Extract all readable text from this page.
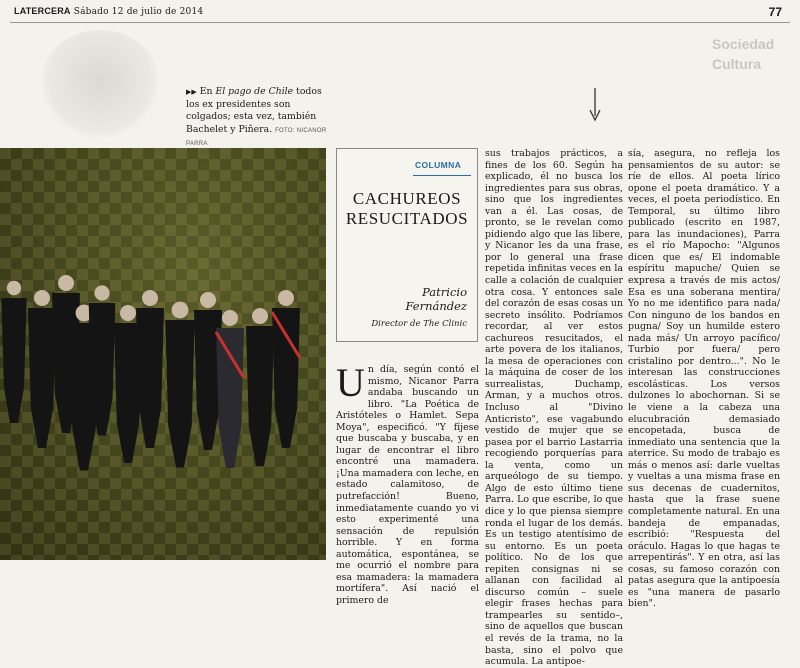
LATERCERA Sábado 12 de julio de 2014	77
Sociedad
Cultura
▶▶ En El pago de Chile todos los ex presidentes son colgados; esta vez, también Bachelet y Piñera. FOTO: NICANOR PARRA
COLUMNA
CACHUREOS
RESUCITADOS
Patricio
Fernández
Director de The Clinic

Un día, según contó el mismo, Nicanor Parra andaba buscando un libro. "La Poética de Aristóteles o Hamlet. Sepa Moya", especificó. "Y fíjese que buscaba y buscaba, y en lugar de encontrar el libro encontré una mamadera. ¡Una mamadera con leche, en estado calamitoso, de putrefacción! Bueno, inmediatamente cuando yo vi esto experimenté una sensación de repulsión horrible. Y en forma automática, espontánea, se me ocurrió el nombre para esa mamadera: la mamadera mortífera". Así nació el primero de

sus trabajos prácticos, a fines de los 60. Según ha explicado, él no busca los ingredientes para sus obras, sino que los ingredientes van a él. Las cosas, de pronto, se le revelan como pidiendo algo que las libere, y Nicanor les da una frase, por lo general una frase repetida infinitas veces en la calle a colación de cualquier otra cosa. Y entonces sale del corazón de esas cosas un secreto insólito. Podríamos recordar, al ver estos cachureos resucitados, el arte povera de los italianos, la mesa de operaciones con la máquina de coser de los surrealistas, Duchamp, Arman, y a muchos otros. Incluso al "Divino Anticristo", ese vagabundo vestido de mujer que se pasea por el barrio Lastarria recogiendo porquerías para la venta, como un arqueólogo de su tiempo. Algo de esto último tiene Parra. Lo que escribe, lo que dice y lo que piensa siempre ronda el lugar de los demás. Es un testigo atentísimo de su entorno. Es un poeta político. No de los que repiten consignas ni se allanan con facilidad al discurso común – suele elegir frases hechas para trampearles su sentido–, sino de aquellos que buscan el revés de la trama, no la basta, sino el polvo que acumula. La antipoe-

sía, asegura, no refleja los pensamientos de su autor: se ríe de ellos. Al poeta lírico opone el poeta dramático. Y a veces, el poeta periodístico. En Temporal, su último libro publicado (escrito en 1987, para las inundaciones), Parra es el río Mapocho: "Algunos dicen que es/ El indomable espíritu mapuche/ Quien se expresa a través de mis actos/ Esa es una soberana mentira/ Yo no me identifico para nada/ Con ninguno de los bandos en pugna/ Soy un humilde estero nada más/ Un arroyo pacífico/ Turbio por fuera/ pero cristalino por dentro...". No le interesan las construcciones escolásticas. Los versos dulzones lo abochornan. Si se le viene a la cabeza una elucubración demasiado encopetada, busca de inmediato una sentencia que la aterrice. Su modo de trabajo es más o menos así: darle vueltas y vueltas a una misma frase en sus decenas de cuadernitos, hasta que la frase suene completamente natural. En una bandeja de empanadas, escribió: "Respuesta del oráculo. Hagas lo que hagas te arrepentirás". Y en otra, así las cosas, su famoso corazón con patas asegura que la antipoesía es "una manera de pasarlo bien".
